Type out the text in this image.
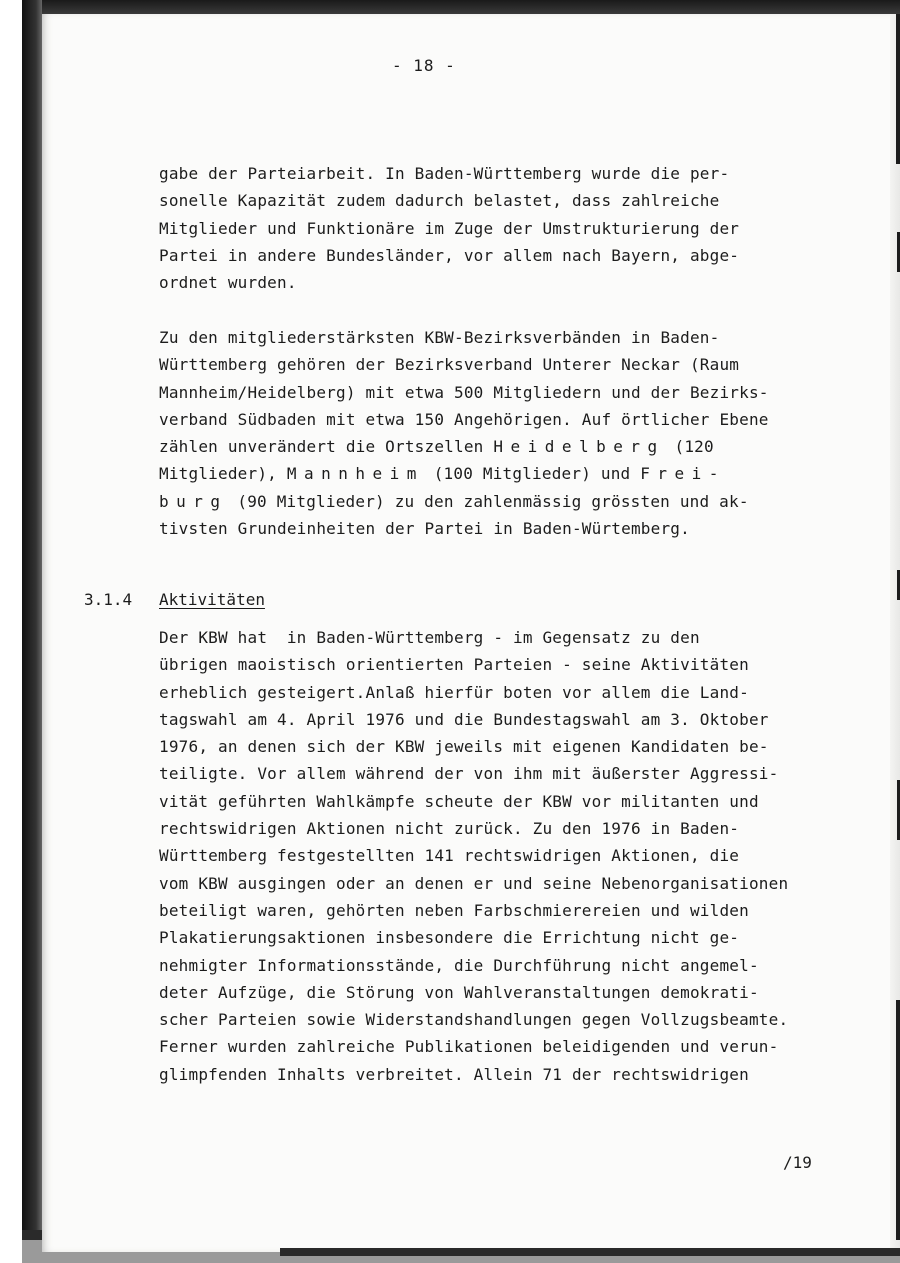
- 18 -
gabe der Parteiarbeit. In Baden-Württemberg wurde die per-
sonelle Kapazität zudem dadurch belastet, dass zahlreiche
Mitglieder und Funktionäre im Zuge der Umstrukturierung der
Partei in andere Bundesländer, vor allem nach Bayern, abge-
ordnet wurden.
Zu den mitgliederstärksten KBW-Bezirksverbänden in Baden-
Württemberg gehören der Bezirksverband Unterer Neckar (Raum
Mannheim/Heidelberg) mit etwa 500 Mitgliedern und der Bezirks-
verband Südbaden mit etwa 150 Angehörigen. Auf örtlicher Ebene
zählen unverändert die Ortszellen Heidelberg (120
Mitglieder), Mannheim (100 Mitglieder) und Frei-
burg (90 Mitglieder) zu den zahlenmässig grössten und ak-
tivsten Grundeinheiten der Partei in Baden-Würtemberg.
3.1.4 Aktivitäten
Der KBW hat  in Baden-Württemberg - im Gegensatz zu den
übrigen maoistisch orientierten Parteien - seine Aktivitäten
erheblich gesteigert.Anlaß hierfür boten vor allem die Land-
tagswahl am 4. April 1976 und die Bundestagswahl am 3. Oktober
1976, an denen sich der KBW jeweils mit eigenen Kandidaten be-
teiligte. Vor allem während der von ihm mit äußerster Aggressi-
vität geführten Wahlkämpfe scheute der KBW vor militanten und
rechtswidrigen Aktionen nicht zurück. Zu den 1976 in Baden-
Württemberg festgestellten 141 rechtswidrigen Aktionen, die
vom KBW ausgingen oder an denen er und seine Nebenorganisationen
beteiligt waren, gehörten neben Farbschmierereien und wilden
Plakatierungsaktionen insbesondere die Errichtung nicht ge-
nehmigter Informationsstände, die Durchführung nicht angemel-
deter Aufzüge, die Störung von Wahlveranstaltungen demokrati-
scher Parteien sowie Widerstandshandlungen gegen Vollzugsbeamte.
Ferner wurden zahlreiche Publikationen beleidigenden und verun-
glimpfenden Inhalts verbreitet. Allein 71 der rechtswidrigen
/19
